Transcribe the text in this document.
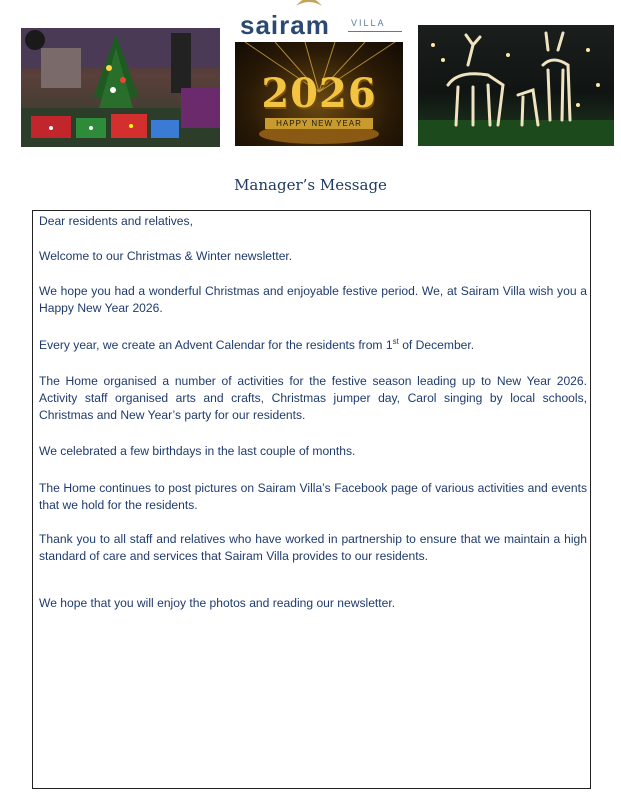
sairam VILLA
2026
HAPPY NEW YEAR
Manager’s Message

Dear residents and relatives,

Welcome to our Christmas & Winter newsletter.

We hope you had a wonderful Christmas and enjoyable festive period. We, at Sairam Villa wish you a Happy New Year 2026.

Every year, we create an Advent Calendar for the residents from 1st of December.

The Home organised a number of activities for the festive season leading up to New Year 2026. Activity staff organised arts and crafts, Christmas jumper day, Carol singing by local schools, Christmas and New Year’s party for our residents.

We celebrated a few birthdays in the last couple of months.

The Home continues to post pictures on Sairam Villa’s Facebook page of various activities and events that we hold for the residents.

Thank you to all staff and relatives who have worked in partnership to ensure that we maintain a high standard of care and services that Sairam Villa provides to our residents.

We hope that you will enjoy the photos and reading our newsletter.
